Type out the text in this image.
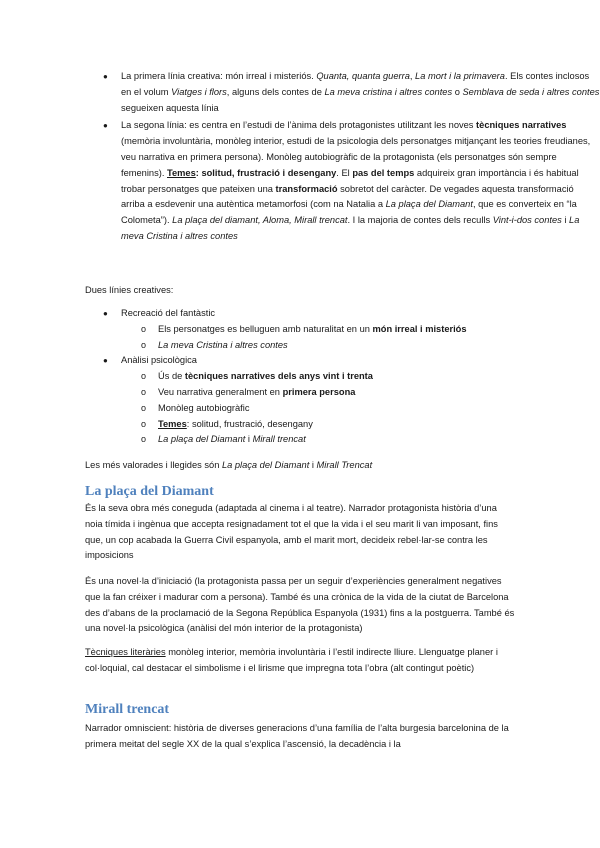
● La primera línia creativa: món irreal i misteriós. Quanta, quanta guerra, La mort i la primavera. Els contes inclosos en el volum Viatges i flors, alguns dels contes de La meva cristina i altres contes o Semblava de seda i altres contes segueixen aquesta línia
● La segona línia: es centra en l’estudi de l’ànima dels protagonistes utilitzant les noves tècniques narratives (memòria involuntària, monòleg interior, estudi de la psicologia dels personatges mitjançant les teories freudianes, veu narrativa en primera persona). Monòleg autobiogràfic de la protagonista (els personatges són sempre femenins). Temes: solitud, frustració i desengany. El pas del temps adquireix gran importància i és habitual trobar personatges que pateixen una transformació sobretot del caràcter. De vegades aquesta transformació arriba a esdevenir una autèntica metamorfosi (com na Natalia a La plaça del Diamant, que es converteix en “la Colometa”). La plaça del diamant, Aloma, Mirall trencat. I la majoria de contes dels reculls Vint-i-dos contes i La meva Cristina i altres contes
Dues línies creatives:
● Recreació del fantàstic
o Els personatges es belluguen amb naturalitat en un món irreal i misteriós
o La meva Cristina i altres contes
● Anàlisi psicològica
o Ús de tècniques narratives dels anys vint i trenta
o Veu narrativa generalment en primera persona
o Monòleg autobiogràfic
o Temes: solitud, frustració, desengany
o La plaça del Diamant i Mirall trencat
Les més valorades i llegides són La plaça del Diamant i Mirall Trencat
La plaça del Diamant
És la seva obra més coneguda (adaptada al cinema i al teatre). Narrador protagonista història d’una noia tímida i ingènua que accepta resignadament tot el que la vida i el seu marit li van imposant, fins que, un cop acabada la Guerra Civil espanyola, amb el marit mort, decideix rebel·lar-se contra les imposicions
És una novel·la d’iniciació (la protagonista passa per un seguir d’experiències generalment negatives que la fan créixer i madurar com a persona). També és una crònica de la vida de la ciutat de Barcelona des d’abans de la proclamació de la Segona República Espanyola (1931) fins a la postguerra. També és una novel·la psicològica (anàlisi del món interior de la protagonista)
Tècniques literàries monòleg interior, memòria involuntària i l’estil indirecte lliure. Llenguatge planer i col·loquial, cal destacar el simbolisme i el lirisme que impregna tota l’obra (alt contingut poètic)
Mirall trencat
Narrador omniscient: història de diverses generacions d’una família de l’alta burgesia barcelonina de la primera meitat del segle XX de la qual s’explica l’ascensió, la decadència i la
